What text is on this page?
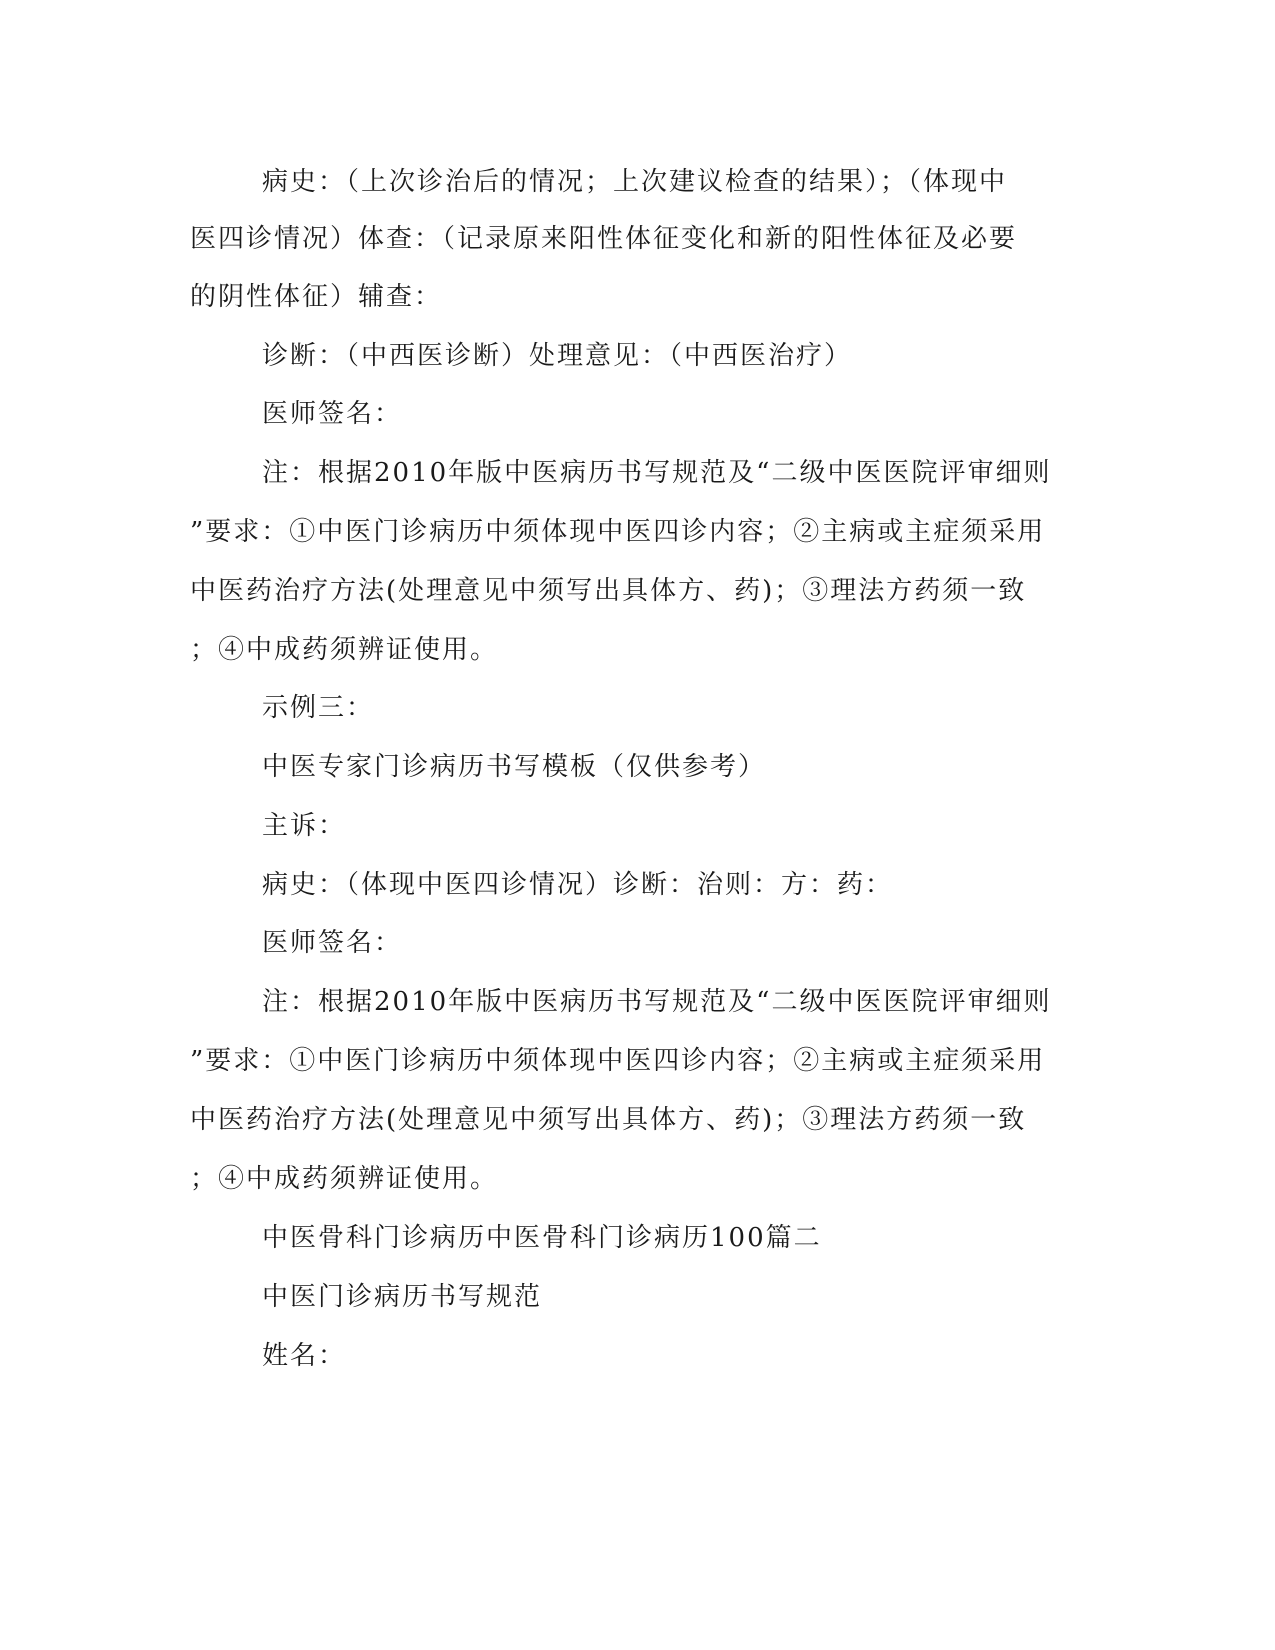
病史：（上次诊治后的情况；上次建议检查的结果）；（体现中
医四诊情况）体查：（记录原来阳性体征变化和新的阳性体征及必要
的阴性体征）辅查：
诊断：（中西医诊断）处理意见：（中西医治疗）
医师签名：
注：根据2010年版中医病历书写规范及“二级中医医院评审细则
”要求：①中医门诊病历中须体现中医四诊内容；②主病或主症须采用
中医药治疗方法(处理意见中须写出具体方、药)；③理法方药须一致
；④中成药须辨证使用。
示例三：
中医专家门诊病历书写模板（仅供参考）
主诉：
病史：（体现中医四诊情况）诊断：治则：方：药：
医师签名：
注：根据2010年版中医病历书写规范及“二级中医医院评审细则
”要求：①中医门诊病历中须体现中医四诊内容；②主病或主症须采用
中医药治疗方法(处理意见中须写出具体方、药)；③理法方药须一致
；④中成药须辨证使用。
中医骨科门诊病历中医骨科门诊病历100篇二
中医门诊病历书写规范
姓名：
